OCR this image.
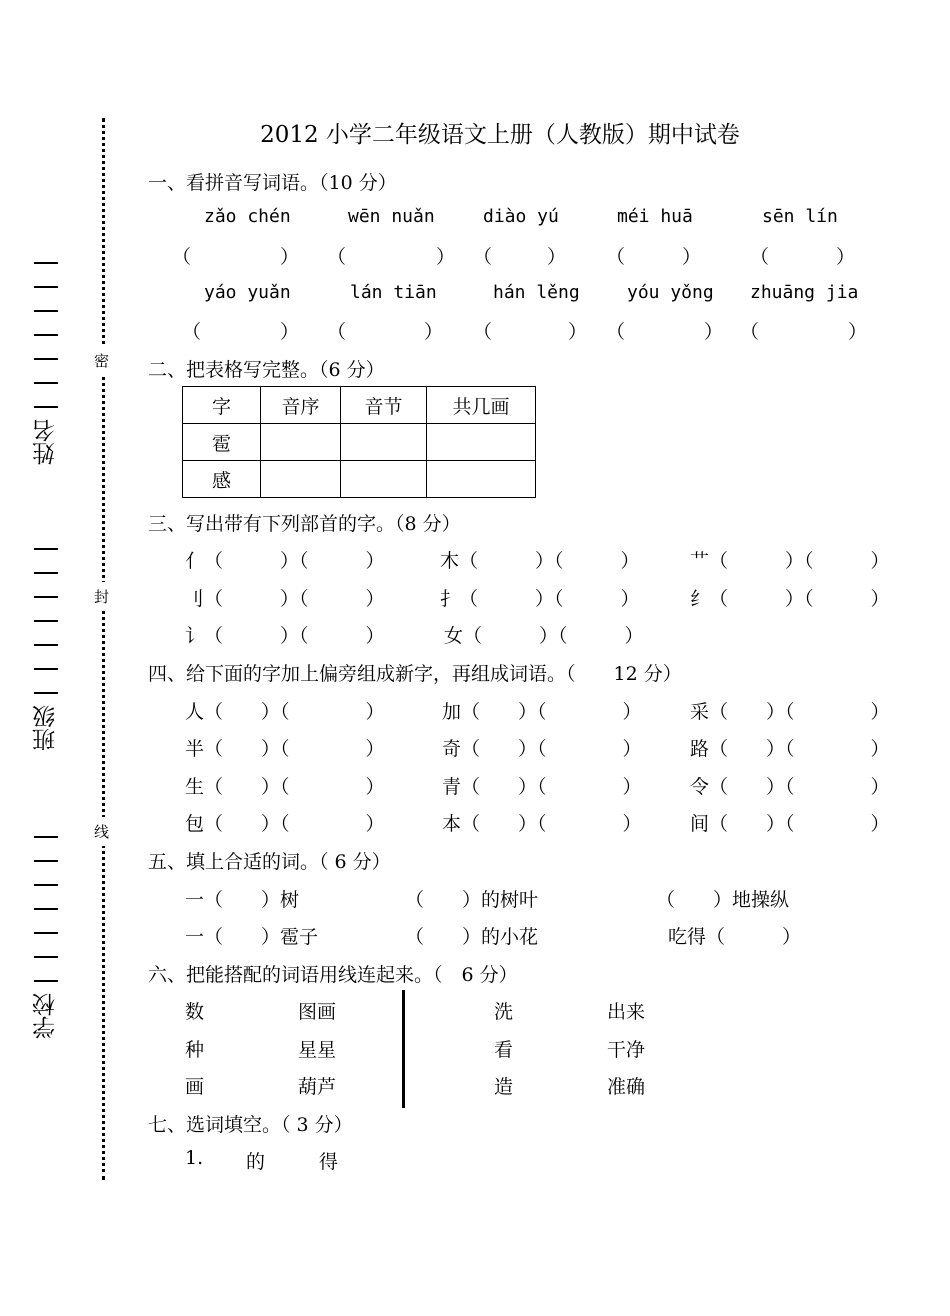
2012 小学二年级语文上册（人教版）期中试卷
密
封
线
姓名
班级
学校
一、看拼音写词语。（10 分）
zǎo chén	wēn nuǎn	diào yú	méi huā	sēn lín
（	） （	） （	） （	）	（	）
yáo yuǎn	lán tiān	hán lěng	yóu yǒng zhuāng jia
（	） （	） （	） （	） （	）
二、把表格写完整。（6 分）
字	音序	音节	共几画
雹			
感			
三、写出带有下列部首的字。（8 分）
亻（　　　）（　　　）	木（　　　）（　　　）	艹（　　　）（　　　）
刂（　　　）（　　　）	扌（　　　）（　　　）	纟（　　　）（　　　）
讠（　　　）（　　　）	女（　　　）（　　　）
四、给下面的字加上偏旁组成新字，再组成词语。（　　12 分）
人（　　）（　　　　）	加（　　）（　　　　）	采（　　）（　　　　）
半（　　）（　　　　）	奇（　　）（　　　　）	路（　　）（　　　　）
生（　　）（　　　　）	青（　　）（　　　　）	令（　　）（　　　　）
包（　　）（　　　　）	本（　　）（　　　　）	间（　　）（　　　　）
五、填上合适的词。（ 6 分）
一（　　）树	（　　）的树叶	（　　）地操纵
一（　　）雹子	（　　）的小花	吃得（　　　）
六、把能搭配的词语用线连起来。（　6 分）
数	图画
种	星星
画	葫芦
洗	出来
看	干净
造	准确
七、选词填空。（ 3 分）
1. 的	得
